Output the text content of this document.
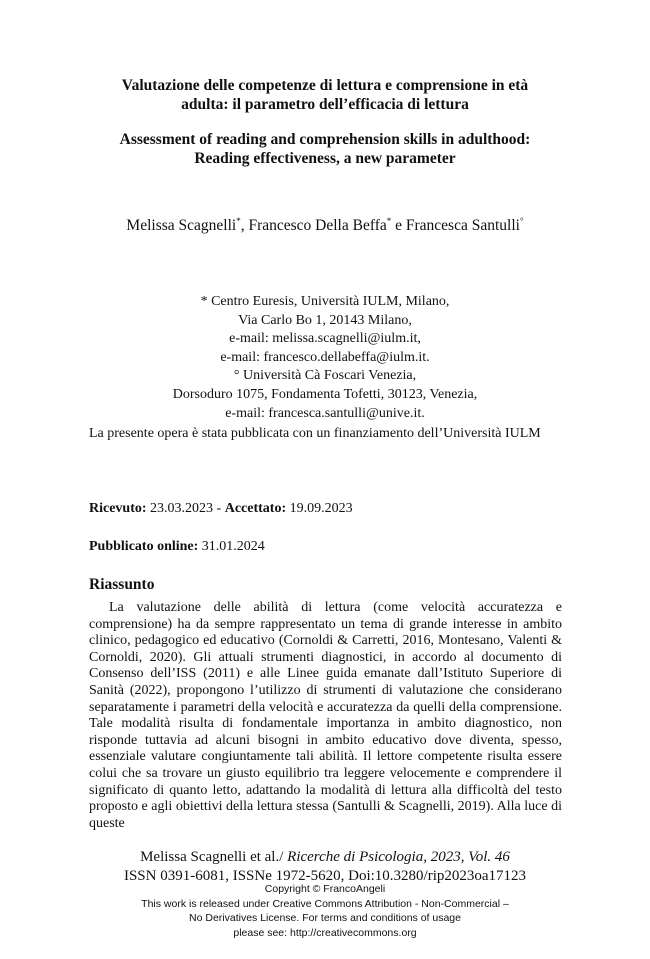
Valutazione delle competenze di lettura e comprensione in età
adulta: il parametro dell’efficacia di lettura
Assessment of reading and comprehension skills in adulthood:
Reading effectiveness, a new parameter
Melissa Scagnelli*, Francesco Della Beffa* e Francesca Santulli°
* Centro Euresis, Università IULM, Milano,
Via Carlo Bo 1, 20143 Milano,
e-mail: melissa.scagnelli@iulm.it,
e-mail: francesco.dellabeffa@iulm.it.
° Università Cà Foscari Venezia,
Dorsoduro 1075, Fondamenta Tofetti, 30123, Venezia,
e-mail: francesca.santulli@unive.it.
La presente opera è stata pubblicata con un finanziamento dell’Università IULM
Ricevuto: 23.03.2023 - Accettato: 19.09.2023
Pubblicato online: 31.01.2024
Riassunto

La valutazione delle abilità di lettura (come velocità accuratezza e comprensione) ha da sempre rappresentato un tema di grande interesse in ambito clinico, pedagogico ed educativo (Cornoldi & Carretti, 2016, Montesano, Valenti & Cornoldi, 2020). Gli attuali strumenti diagnostici, in accordo al documento di Consenso dell’ISS (2011) e alle Linee guida emanate dall’Istituto Superiore di Sanità (2022), propongono l’utilizzo di strumenti di valutazione che considerano separatamente i parametri della velocità e accuratezza da quelli della comprensione. Tale modalità risulta di fondamentale importanza in ambito diagnostico, non risponde tuttavia ad alcuni bisogni in ambito educativo dove diventa, spesso, essenziale valutare congiuntamente tali abilità. Il lettore competente risulta essere colui che sa trovare un giusto equilibrio tra leggere velocemente e comprendere il significato di quanto letto, adattando la modalità di lettura alla difficoltà del testo proposto e agli obiettivi della lettura stessa (Santulli & Scagnelli, 2019). Alla luce di queste

Melissa Scagnelli et al./ Ricerche di Psicologia, 2023, Vol. 46
ISSN 0391-6081, ISSNe 1972-5620, Doi:10.3280/rip2023oa17123
Copyright © FrancoAngeli
This work is released under Creative Commons Attribution - Non-Commercial –
No Derivatives License. For terms and conditions of usage
please see: http://creativecommons.org
